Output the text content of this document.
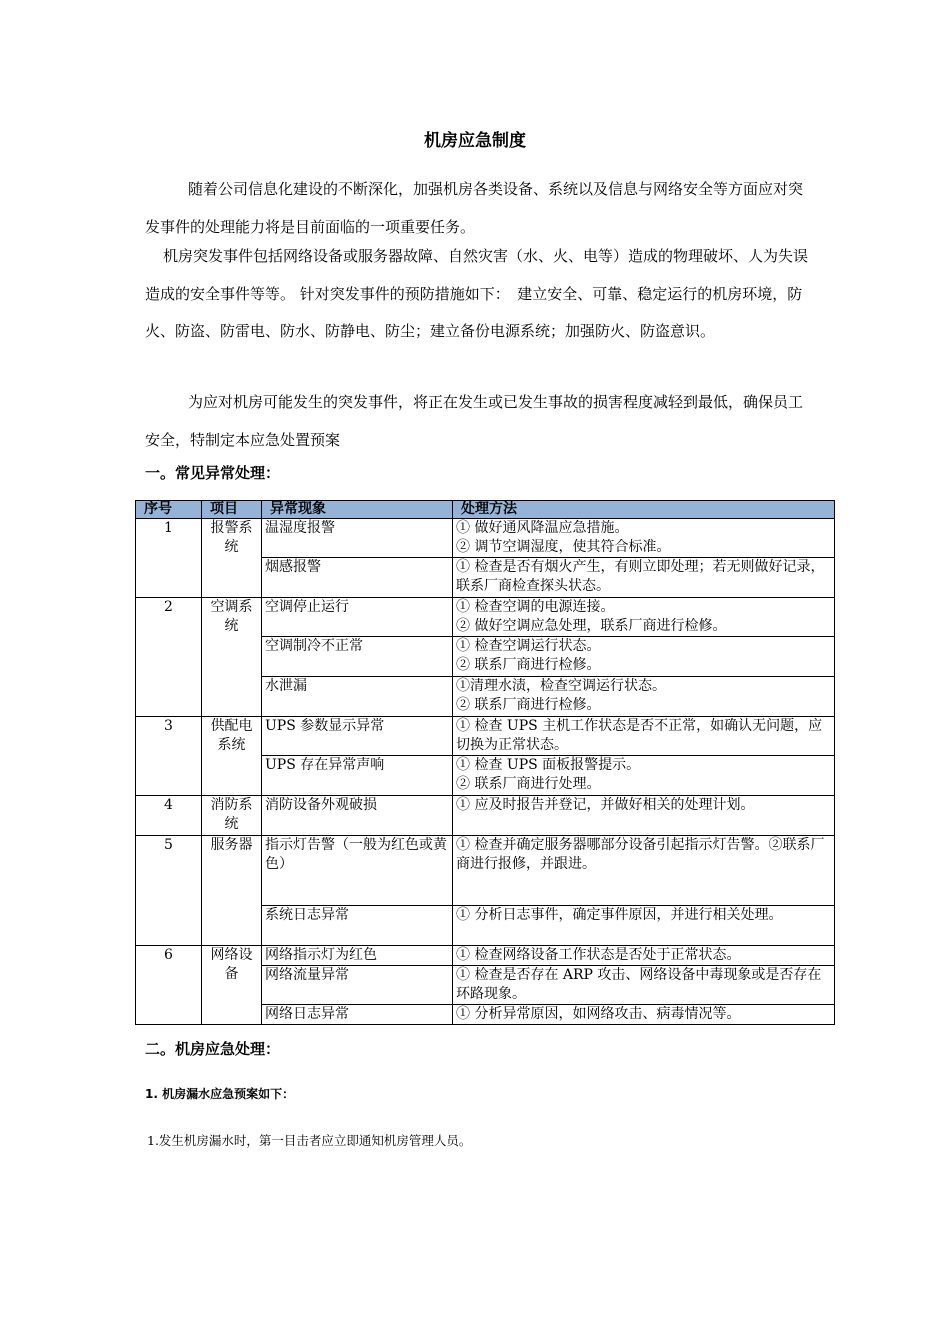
机房应急制度

随着公司信息化建设的不断深化，加强机房各类设备、系统以及信息与网络安全等方面应对突发事件的处理能力将是目前面临的一项重要任务。

机房突发事件包括网络设备或服务器故障、自然灾害（水、火、电等）造成的物理破坏、人为失误造成的安全事件等等。 针对突发事件的预防措施如下：　建立安全、可靠、稳定运行的机房环境，防火、防盗、防雷电、防水、防静电、防尘；建立备份电源系统；加强防火、防盗意识。

为应对机房可能发生的突发事件，将正在发生或已发生事故的损害程度减轻到最低，确保员工安全，特制定本应急处置预案

一。常见异常处理：
序号	项目	异常现象	处理方法
1	报警系统	温湿度报警	① 做好通风降温应急措施。
② 调节空调湿度，使其符合标准。
		烟感报警	① 检查是否有烟火产生，有则立即处理；若无则做好记录，联系厂商检查探头状态。
2	空调系统	空调停止运行	① 检查空调的电源连接。
② 做好空调应急处理，联系厂商进行检修。
		空调制冷不正常	① 检查空调运行状态。
② 联系厂商进行检修。
		水泄漏	①清理水渍，检查空调运行状态。
② 联系厂商进行检修。
3	供配电系统	UPS 参数显示异常	① 检查 UPS 主机工作状态是否不正常，如确认无问题，应切换为正常状态。
		UPS 存在异常声响	① 检查 UPS 面板报警提示。
② 联系厂商进行处理。
4	消防系统	消防设备外观破损	① 应及时报告并登记，并做好相关的处理计划。
5	服务器	指示灯告警（一般为红色或黄色）	① 检查并确定服务器哪部分设备引起指示灯告警。②联系厂商进行报修，并跟进。
		系统日志异常	① 分析日志事件，确定事件原因，并进行相关处理。
6	网络设备	网络指示灯为红色	① 检查网络设备工作状态是否处于正常状态。
		网络流量异常	① 检查是否存在 ARP 攻击、网络设备中毒现象或是否存在环路现象。
		网络日志异常	① 分析异常原因，如网络攻击、病毒情况等。
二。机房应急处理：
1. 机房漏水应急预案如下：
1.发生机房漏水时，第一目击者应立即通知机房管理人员。
